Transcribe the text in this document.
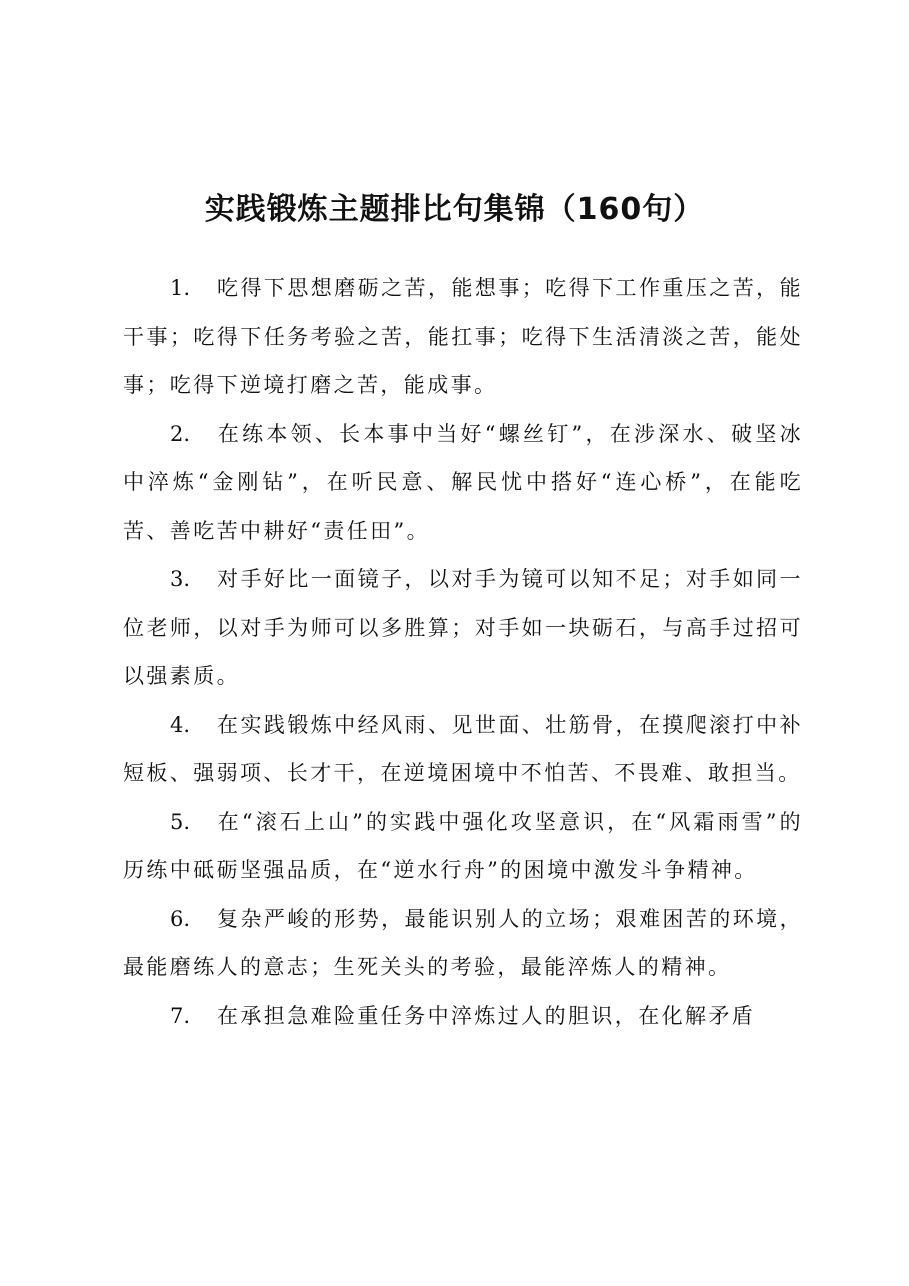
实践锻炼主题排比句集锦（160句）

1. 吃得下思想磨砺之苦，能想事；吃得下工作重压之苦，能干事；吃得下任务考验之苦，能扛事；吃得下生活清淡之苦，能处事；吃得下逆境打磨之苦，能成事。

2. 在练本领、长本事中当好“螺丝钉”，在涉深水、破坚冰中淬炼“金刚钻”，在听民意、解民忧中搭好“连心桥”，在能吃苦、善吃苦中耕好“责任田”。

3. 对手好比一面镜子，以对手为镜可以知不足；对手如同一位老师，以对手为师可以多胜算；对手如一块砺石，与高手过招可以强素质。

4. 在实践锻炼中经风雨、见世面、壮筋骨，在摸爬滚打中补短板、强弱项、长才干，在逆境困境中不怕苦、不畏难、敢担当。

5. 在“滚石上山”的实践中强化攻坚意识，在“风霜雨雪”的历练中砥砺坚强品质，在“逆水行舟”的困境中激发斗争精神。

6. 复杂严峻的形势，最能识别人的立场；艰难困苦的环境，最能磨练人的意志；生死关头的考验，最能淬炼人的精神。

7. 在承担急难险重任务中淬炼过人的胆识，在化解矛盾
